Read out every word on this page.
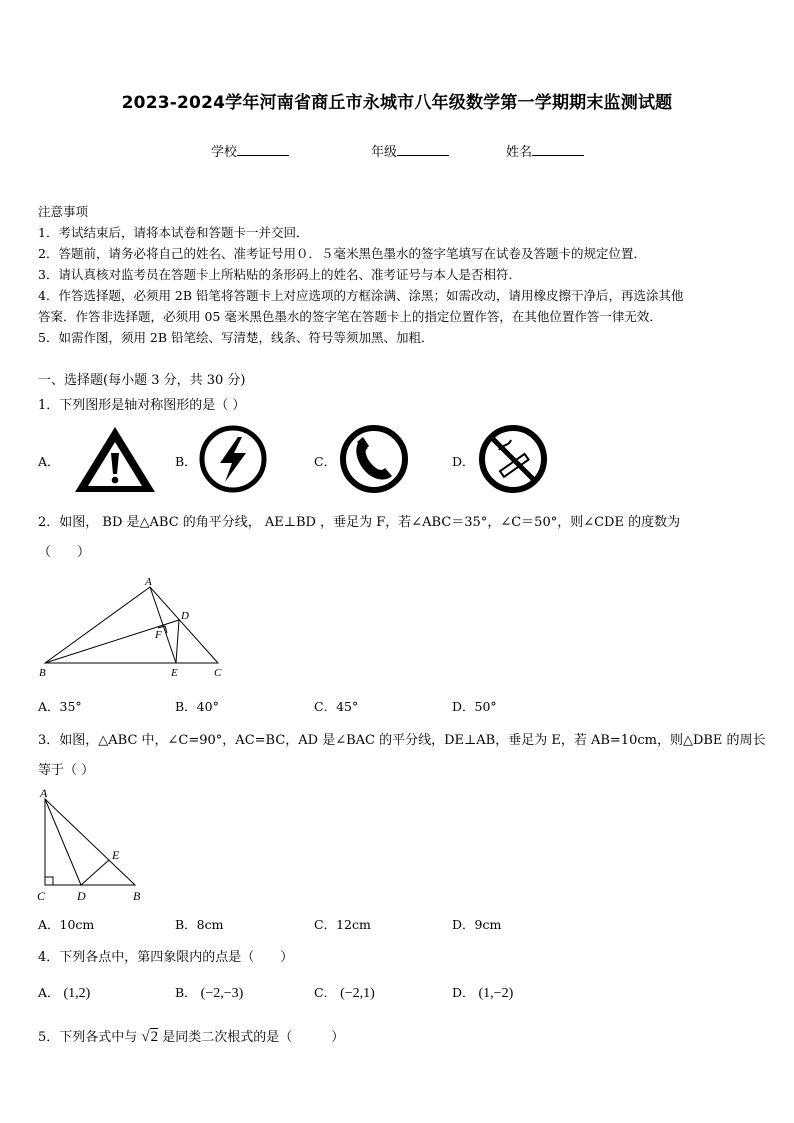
2023-2024学年河南省商丘市永城市八年级数学第一学期期末监测试题
学校	年级	姓名
注意事项
1．考试结束后，请将本试卷和答题卡一并交回．
2．答题前，请务必将自己的姓名、准考证号用０．５毫米黑色墨水的签字笔填写在试卷及答题卡的规定位置．
3．请认真核对监考员在答题卡上所粘贴的条形码上的姓名、准考证号与本人是否相符．
4．作答选择题，必须用 2B 铅笔将答题卡上对应选项的方框涂满、涂黑；如需改动，请用橡皮擦干净后，再选涂其他
答案．作答非选择题，必须用 05 毫米黑色墨水的签字笔在答题卡上的指定位置作答，在其他位置作答一律无效．
5．如需作图，须用 2B 铅笔绘、写清楚，线条、符号等须加黑、加粗．
一、选择题(每小题 3 分，共 30 分)
1．下列图形是轴对称图形的是（ ）
A．	B．	C．	D．
2．如图， BD 是△ABC 的角平分线， AE⊥BD ，垂足为 F，若∠ABC＝35°，∠C＝50°，则∠CDE 的度数为
（　　）
A
D
F
B	E	C
A．35°	B．40°	C．45°	D．50°
3．如图，△ABC 中，∠C=90°，AC=BC，AD 是∠BAC 的平分线，DE⊥AB，垂足为 E，若 AB=10cm，则△DBE 的周长
等于（ ）
A
E
C	D	B
A．10cm	B．8cm	C．12cm	D．9cm
4．下列各点中，第四象限内的点是（　　）
A． (1,2)	B． (−2,−3)	C． (−2,1)	D． (1,−2)
5．下列各式中与 √2 是同类二次根式的是（　　　）
